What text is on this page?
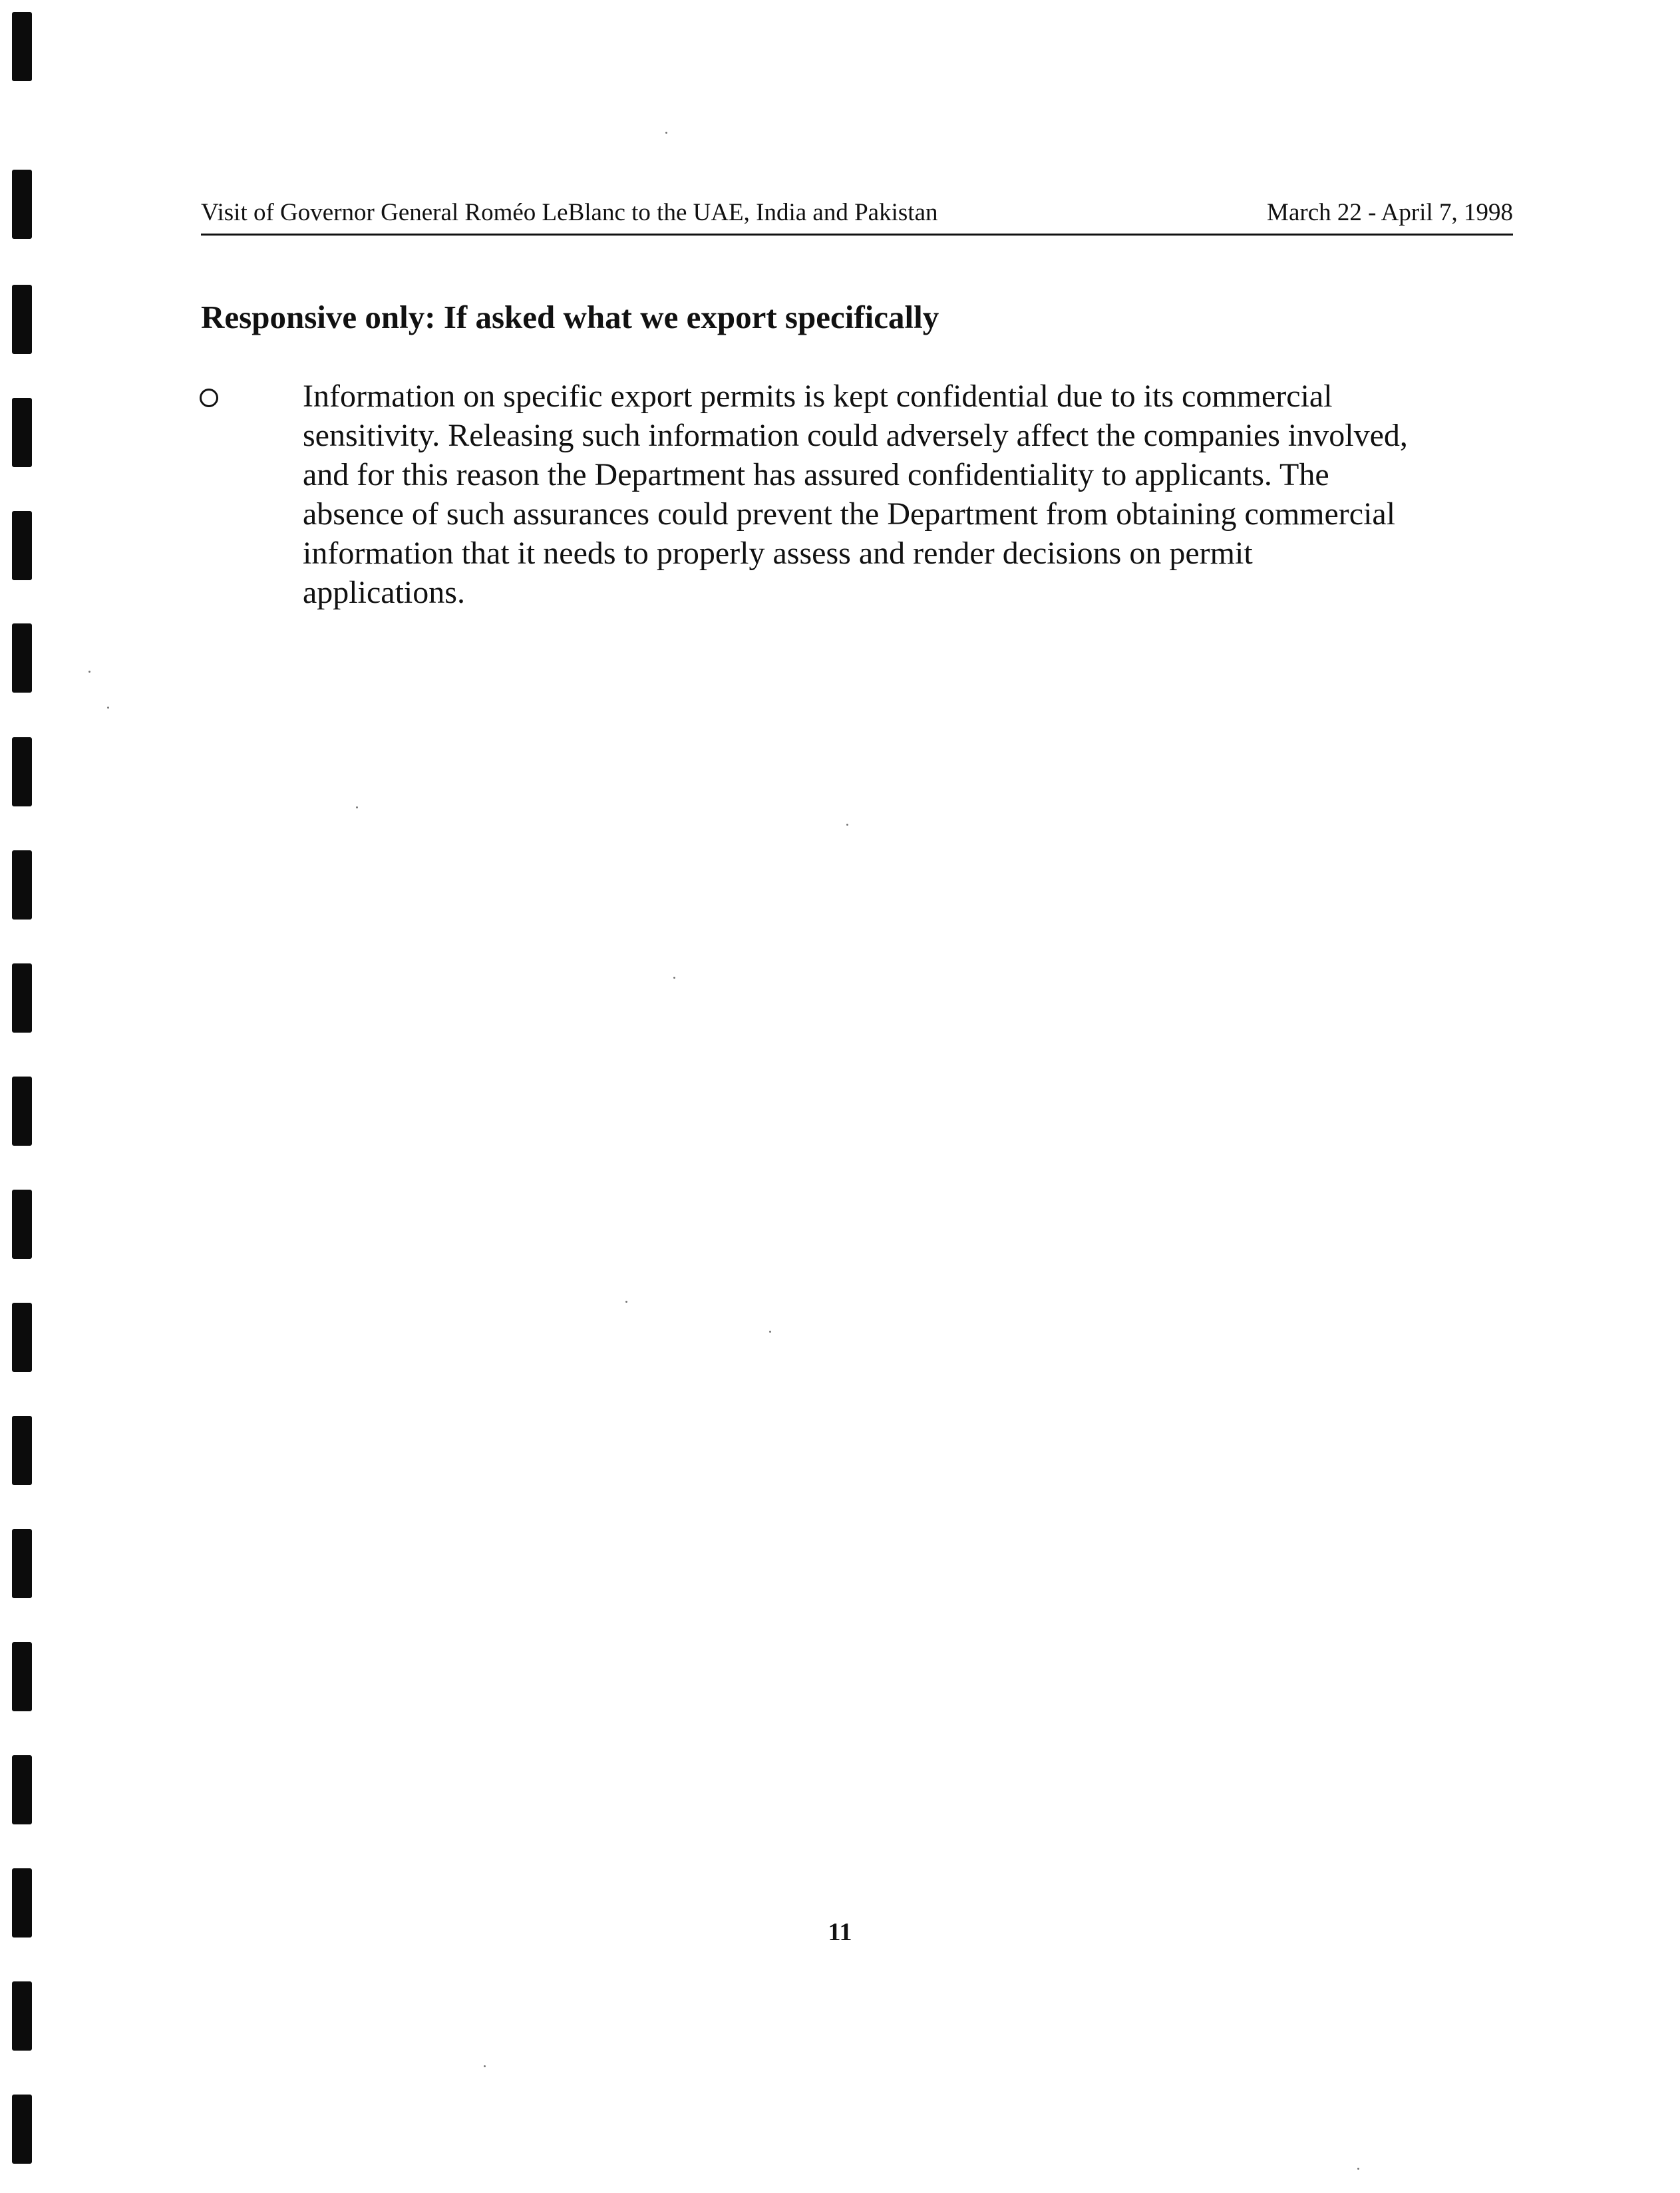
Visit of Governor General Roméo LeBlanc to the UAE, India and Pakistan	March 22 - April 7, 1998
Responsive only: If asked what we export specifically
Information on specific export permits is kept confidential due to its commercial
sensitivity. Releasing such information could adversely affect the companies involved,
and for this reason the Department has assured confidentiality to applicants. The
absence of such assurances could prevent the Department from obtaining commercial
information that it needs to properly assess and render decisions on permit
applications.
11
